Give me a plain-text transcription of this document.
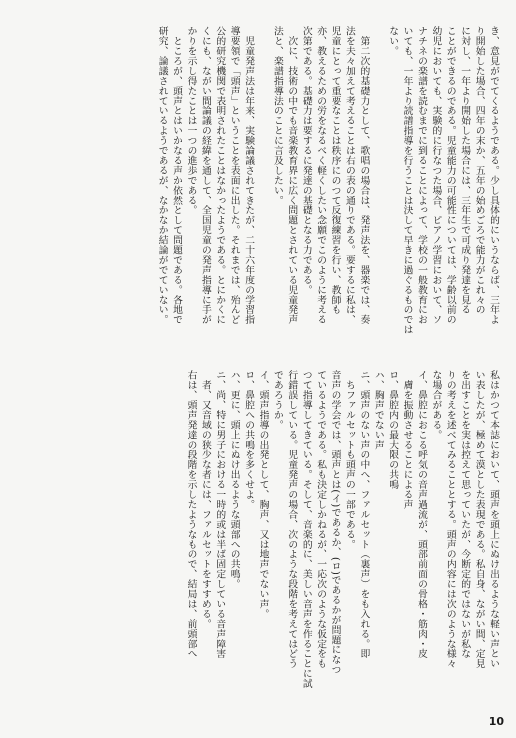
き、意見がでてくるようである。少し具体的にいうならば、三年よ
り開始した場合、四年の末か、五年の始めごろで能力がこれ々の
に対し、一年より開始した場合には、三年生で可成り発達を見る
ことができるのである。児童能力の可能性については、学齢以前の
幼児においても、実験的に行なつた場合、ピアノ学習において、ソ
ナチネの楽譜を読むまでに到ることによって、学校の一般教育にお
いても、一年より読譜指導を行うことは決して早きに過ぐるものでは
ない。

　第二次的基礎力として、歌唱の場合は、発声法を、器楽では、奏
法を夫々加えて考えることは右の表の通りである。要するに私は、
児童にとって重要なことは秩序にのつて反復練習を行い、教師も
亦、教えるための労をなるべく軽くしたい念願でこのように考える
次第である。基礎力は要するに発達の基礎となる力である。
　次に、技術の中でも音楽教育界に広く問題とされている児童発声
法と、楽譜指導法のことに言及したい。

　児童発声法は年来、実験論議されてきたが、二十六年度の学習指
導要領で「頭声」ということを表面に出した。それまでは、殆んど
公的研究機関で表明されたことはなかったようである。とにかくに
くにも、ながい間論議の経緯を通して、全国児童の発声指導に手が
かりを示し得たことは一つの進歩である。
　ところが、頭声とはいかなる声か依然として問題である。各地で
研究、論議されているようであるが、なかなか結論がでていない。
私はかつて本誌において、頭声を頭上にぬけ出るような軽い声とい
い表したが、極めて漠とした表現である。私自身、ながい間、定見
を出すことを実は控えて思っていたが、今断定的ではないが私な
りの考えを述べてみることとする。頭声の内容には次のような様々
な場合がある。
イ、鼻腔におこる呼気の音声過流が、頭部前面の骨格・筋肉・皮
　膚を振動させることによる声
ロ、鼻腔内の最大限の共鳴
ハ、胸声でない声
ニ、頭声のない声の中へ、ファルセット（裏声）をも入れる。即
　ちファルセットも頭声の一部である。
音声の学会では、頭声とは(イ)であるか、(ロ)であるかが問題になつ
ているようである。私も決定しかねるが、一応次のような仮定をも
つて指導してきている。そして、音楽的に、美しい音声を作ることに試
行錯誤している。児童発声の場合、次のような段階を考えてはどう
であろうか。
イ、頭声指導の出発として、胸声、又は地声でない声。
ロ、鼻腔への共鳴を多くせよ。
ハ、更に、頭上にぬけ出るような頭部への共鳴。
ニ、尚、特に男子における一時的或は半ば固定している音声障害
　者、又音域の狭少な者には、ファルセットをすすめる。
右は、頭声発達の段階を示したようなもので、結局は、前頭部へ
10
